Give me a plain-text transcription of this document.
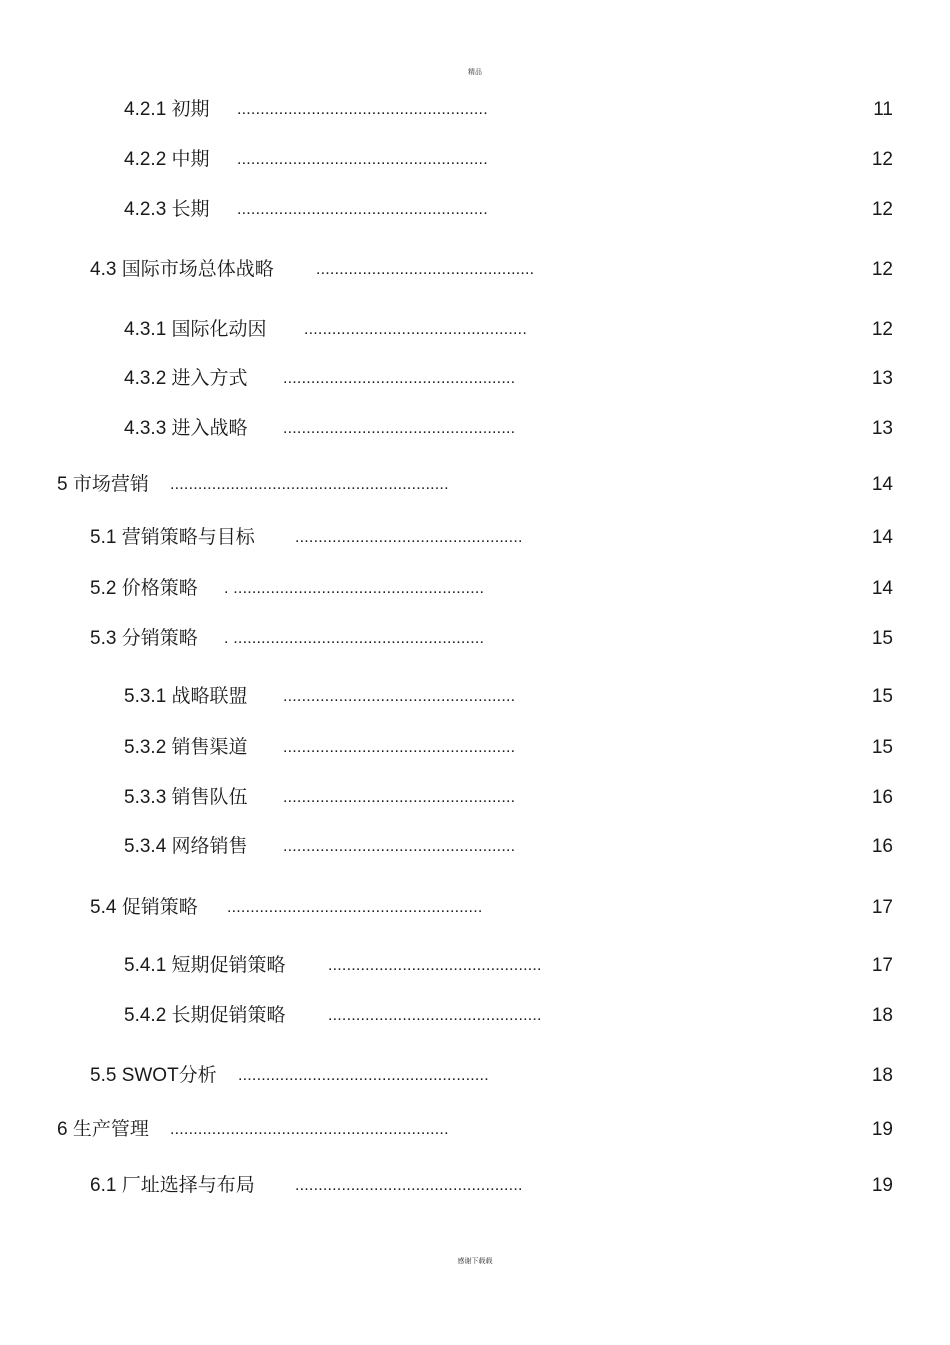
精品
4.2.1 初期 ......................................................	11
4.2.2 中期 ......................................................	12
4.2.3 长期 ......................................................	12
4.3 国际市场总体战略	...............................................	12
4.3.1 国际化动因 ................................................	12
4.3.2 进入方式 ..................................................	13
4.3.3 进入战略 ..................................................	13
5 市场营销 ............................................................	14
5.1 营销策略与目标	.................................................	14
5.2 价格策略 . ......................................................	14
5.3 分销策略 . ......................................................	15
5.3.1 战略联盟 ..................................................	15
5.3.2 销售渠道 ..................................................	15
5.3.3 销售队伍 ..................................................	16
5.3.4 网络销售 ..................................................	16
5.4 促销策略 .......................................................	17
5.4.1 短期促销策略	..............................................	17
5.4.2 长期促销策略	..............................................	18
5.5 SWOT分析 ......................................................	18
6 生产管理 ............................................................	19
6.1 厂址选择与布局	.................................................	19
感谢下载载
